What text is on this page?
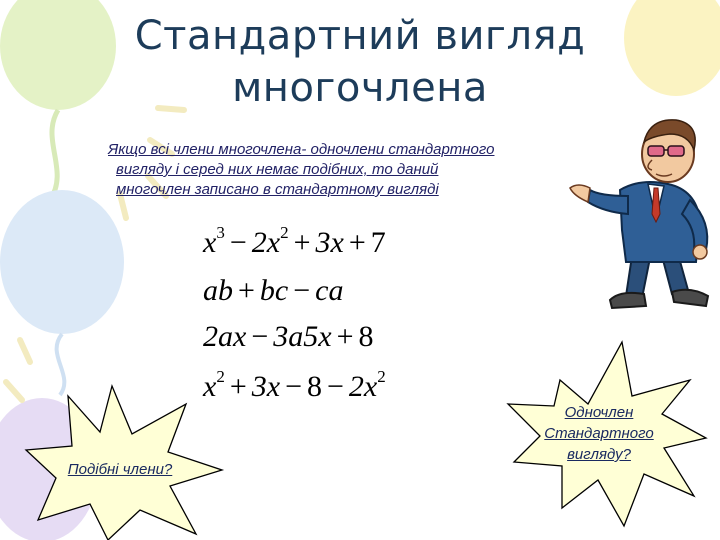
Стандартний вигляд
многочлена
Якщо всі члени многочлена- одночлени стандартного
вигляду і серед них немає подібних, то даний
многочлен записано в стандартному вигляді
$x^3 - 2x^2 + 3x + 7$
ab + bc − ca
2ax − 3a5x + 8
$x^2 + 3x - 8 - 2x^2$
Подібні члени?
Одночлен
Стандартного
вигляду?
